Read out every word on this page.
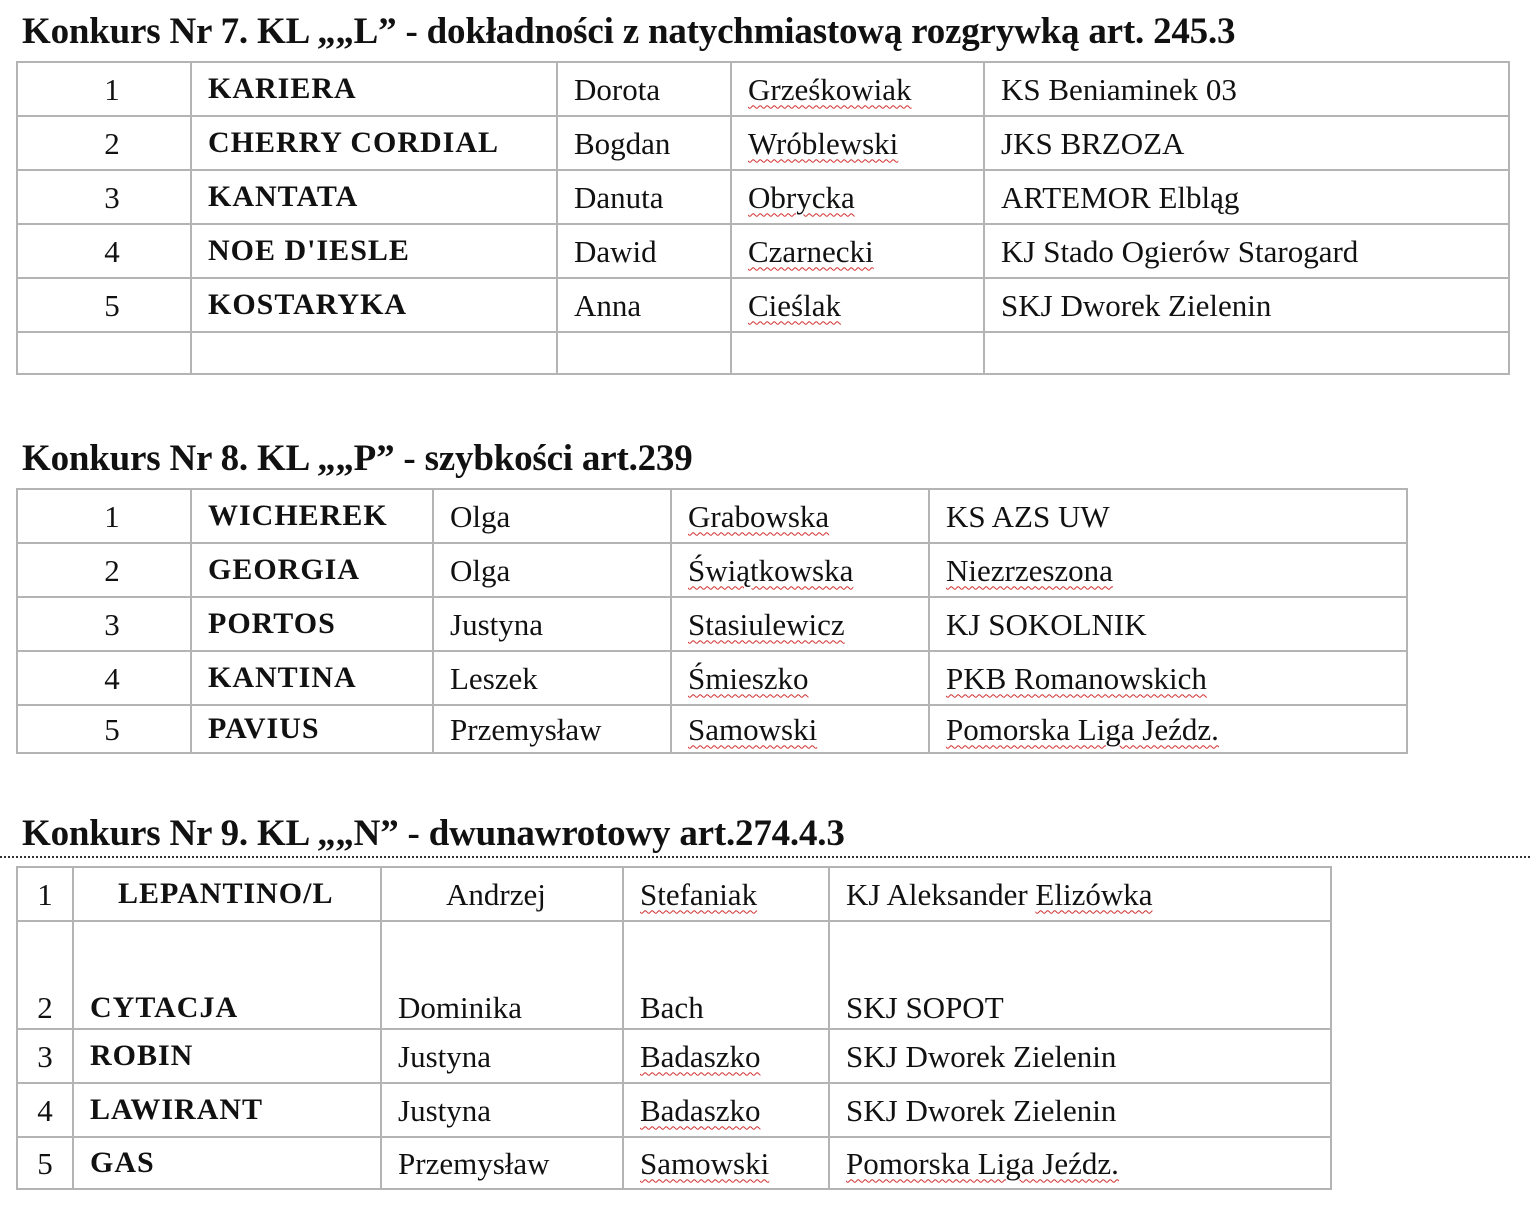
Konkurs Nr 7. KL „„L” - dokładności z natychmiastową rozgrywką art. 245.3
1	KARIERA	Dorota	Grześkowiak	KS Beniaminek 03
2	CHERRY CORDIAL	Bogdan	Wróblewski	JKS BRZOZA
3	KANTATA	Danuta	Obrycka	ARTEMOR Elbląg
4	NOE D'IESLE	Dawid	Czarnecki	KJ Stado Ogierów Starogard
5	KOSTARYKA	Anna	Cieślak	SKJ Dworek Zielenin

Konkurs Nr 8. KL „„P” - szybkości art.239
1	WICHEREK	Olga	Grabowska	KS AZS UW
2	GEORGIA	Olga	Świątkowska	Niezrzeszona
3	PORTOS	Justyna	Stasiulewicz	KJ SOKOLNIK
4	KANTINA	Leszek	Śmieszko	PKB Romanowskich
5	PAVIUS	Przemysław	Samowski	Pomorska Liga Jeźdz.
Konkurs Nr 9. KL „„N” - dwunawrotowy art.274.4.3
1	LEPANTINO/L	Andrzej	Stefaniak	KJ Aleksander Elizówka
2	CYTACJA	Dominika	Bach	SKJ SOPOT
3	ROBIN	Justyna	Badaszko	SKJ Dworek Zielenin
4	LAWIRANT	Justyna	Badaszko	SKJ Dworek Zielenin
5	GAS	Przemysław	Samowski	Pomorska Liga Jeźdz.
